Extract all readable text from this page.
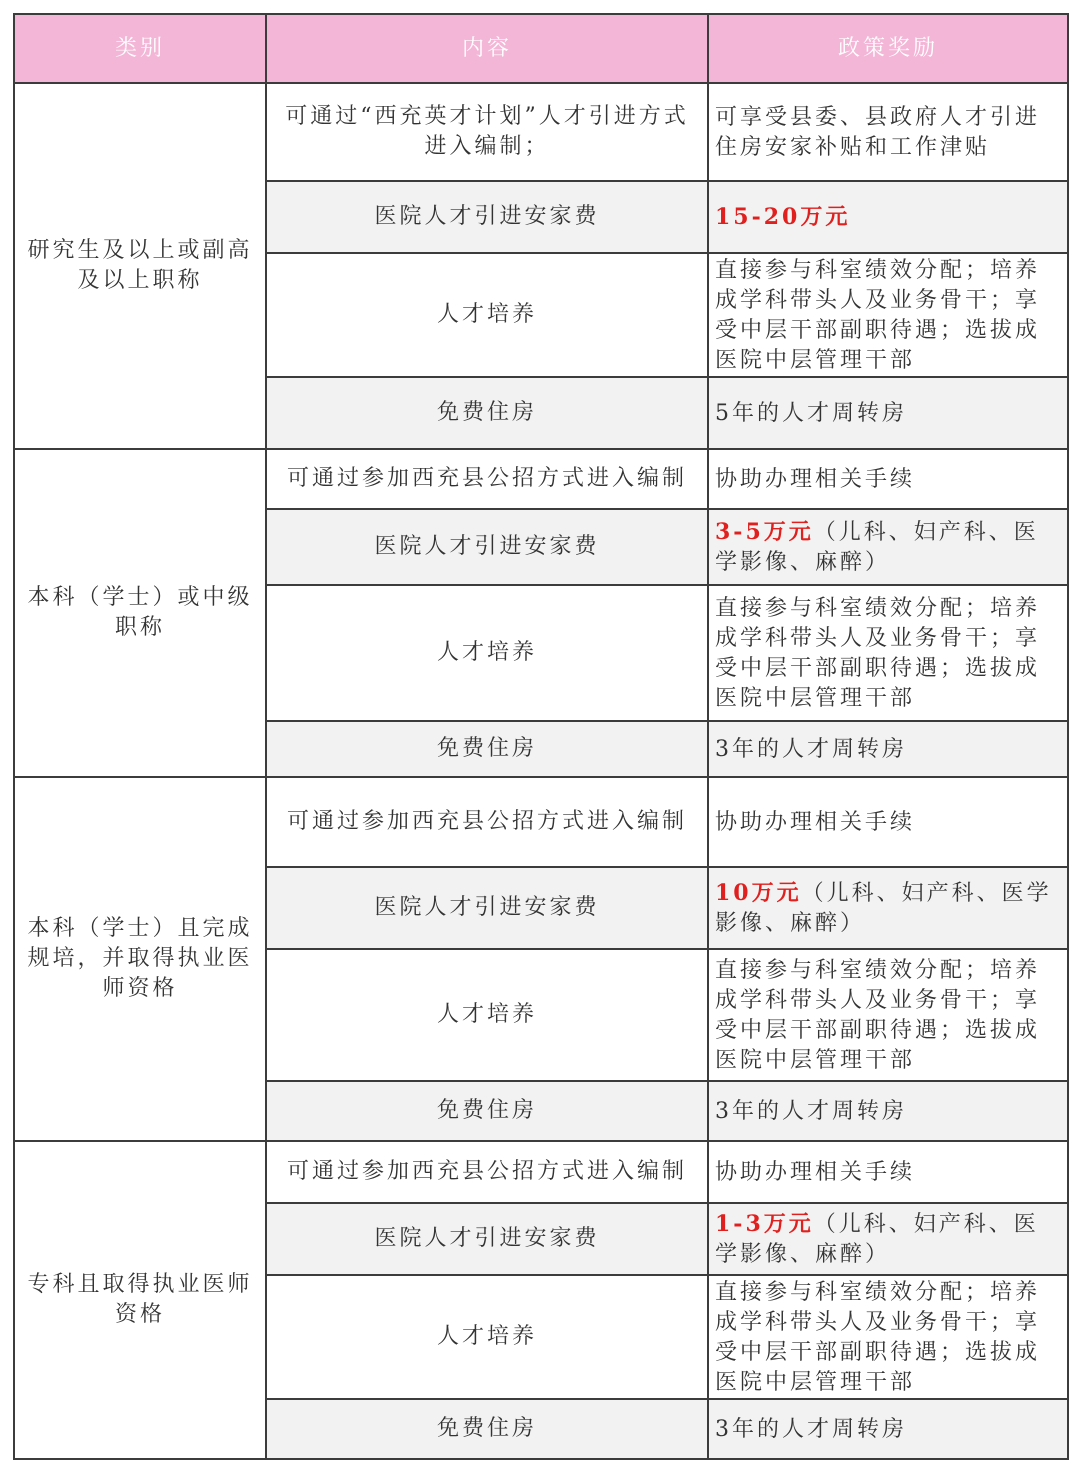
类别	内容	政策奖励
研究生及以上或副高及以上职称	可通过“西充英才计划”人才引进方式进入编制；	可享受县委、县政府人才引进住房安家补贴和工作津贴
	医院人才引进安家费	15-20万元
	人才培养	直接参与科室绩效分配；培养成学科带头人及业务骨干；享受中层干部副职待遇；选拔成医院中层管理干部
	免费住房	5年的人才周转房
本科（学士）或中级职称	可通过参加西充县公招方式进入编制	协助办理相关手续
	医院人才引进安家费	3-5万元（儿科、妇产科、医学影像、麻醉）
	人才培养	直接参与科室绩效分配；培养成学科带头人及业务骨干；享受中层干部副职待遇；选拔成医院中层管理干部
	免费住房	3年的人才周转房
本科（学士）且完成规培，并取得执业医师资格	可通过参加西充县公招方式进入编制	协助办理相关手续
	医院人才引进安家费	10万元（儿科、妇产科、医学影像、麻醉）
	人才培养	直接参与科室绩效分配；培养成学科带头人及业务骨干；享受中层干部副职待遇；选拔成医院中层管理干部
	免费住房	3年的人才周转房
专科且取得执业医师资格	可通过参加西充县公招方式进入编制	协助办理相关手续
	医院人才引进安家费	1-3万元（儿科、妇产科、医学影像、麻醉）
	人才培养	直接参与科室绩效分配；培养成学科带头人及业务骨干；享受中层干部副职待遇；选拔成医院中层管理干部
	免费住房	3年的人才周转房
